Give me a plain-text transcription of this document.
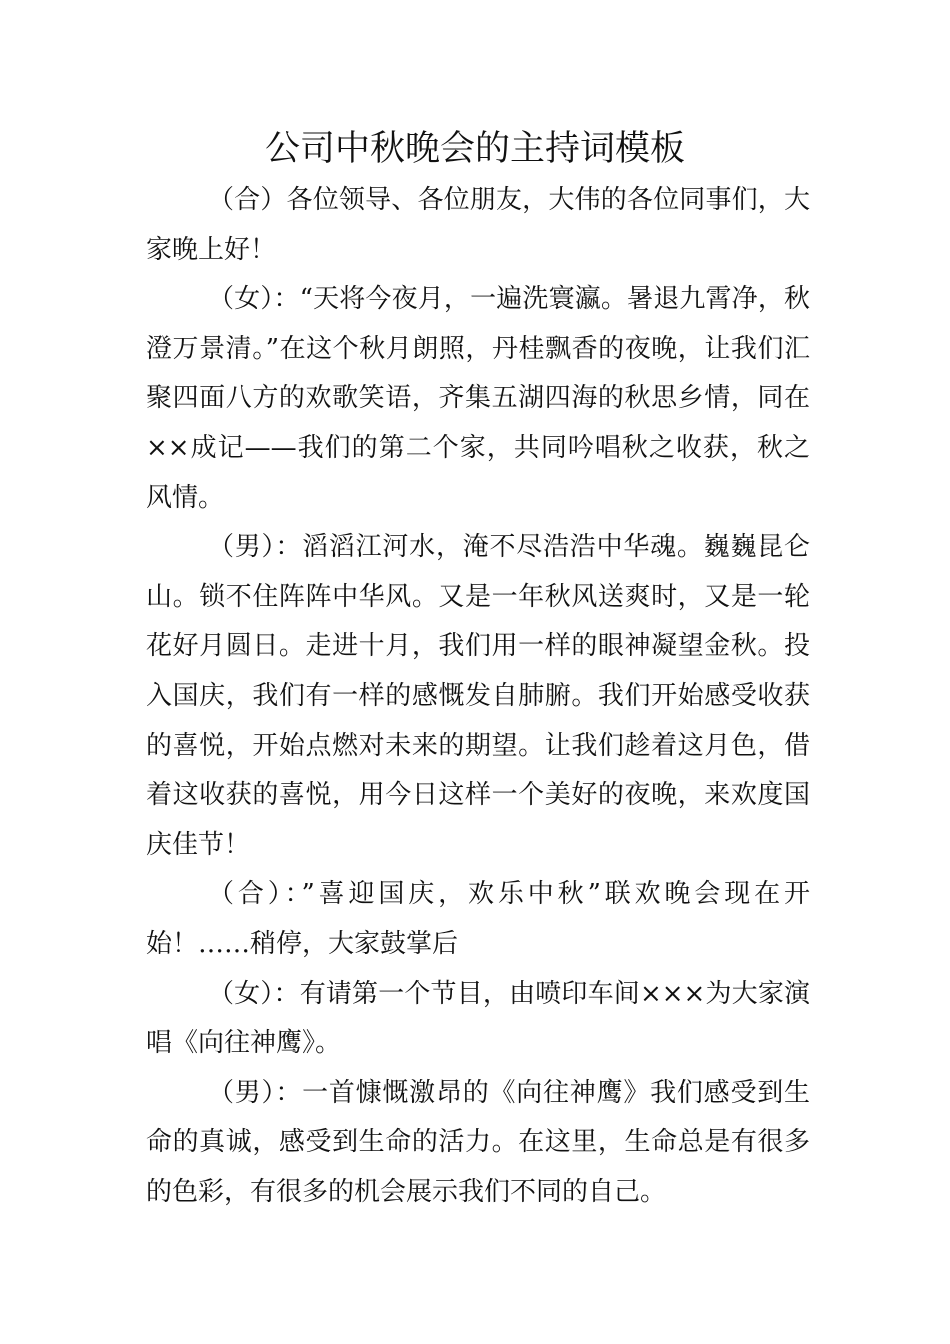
公司中秋晚会的主持词模板

（合）各位领导、各位朋友，大伟的各位同事们，大家晚上好！

（女）：“天将今夜月，一遍洗寰瀛。暑退九霄净，秋澄万景清。”在这个秋月朗照，丹桂飘香的夜晚，让我们汇聚四面八方的欢歌笑语，齐集五湖四海的秋思乡情，同在××成记——我们的第二个家，共同吟唱秋之收获，秋之风情。

（男）：滔滔江河水，淹不尽浩浩中华魂。巍巍昆仑山。锁不住阵阵中华风。又是一年秋风送爽时，又是一轮花好月圆日。走进十月，我们用一样的眼神凝望金秋。投入国庆，我们有一样的感慨发自肺腑。我们开始感受收获的喜悦，开始点燃对未来的期望。让我们趁着这月色，借着这收获的喜悦，用今日这样一个美好的夜晚，来欢度国庆佳节！

（合）：”喜迎国庆，欢乐中秋”联欢晚会现在开始！……稍停，大家鼓掌后

（女）：有请第一个节目，由喷印车间×××为大家演唱《向往神鹰》。

（男）：一首慷慨激昂的《向往神鹰》我们感受到生命的真诚，感受到生命的活力。在这里，生命总是有很多的色彩，有很多的机会展示我们不同的自己。
